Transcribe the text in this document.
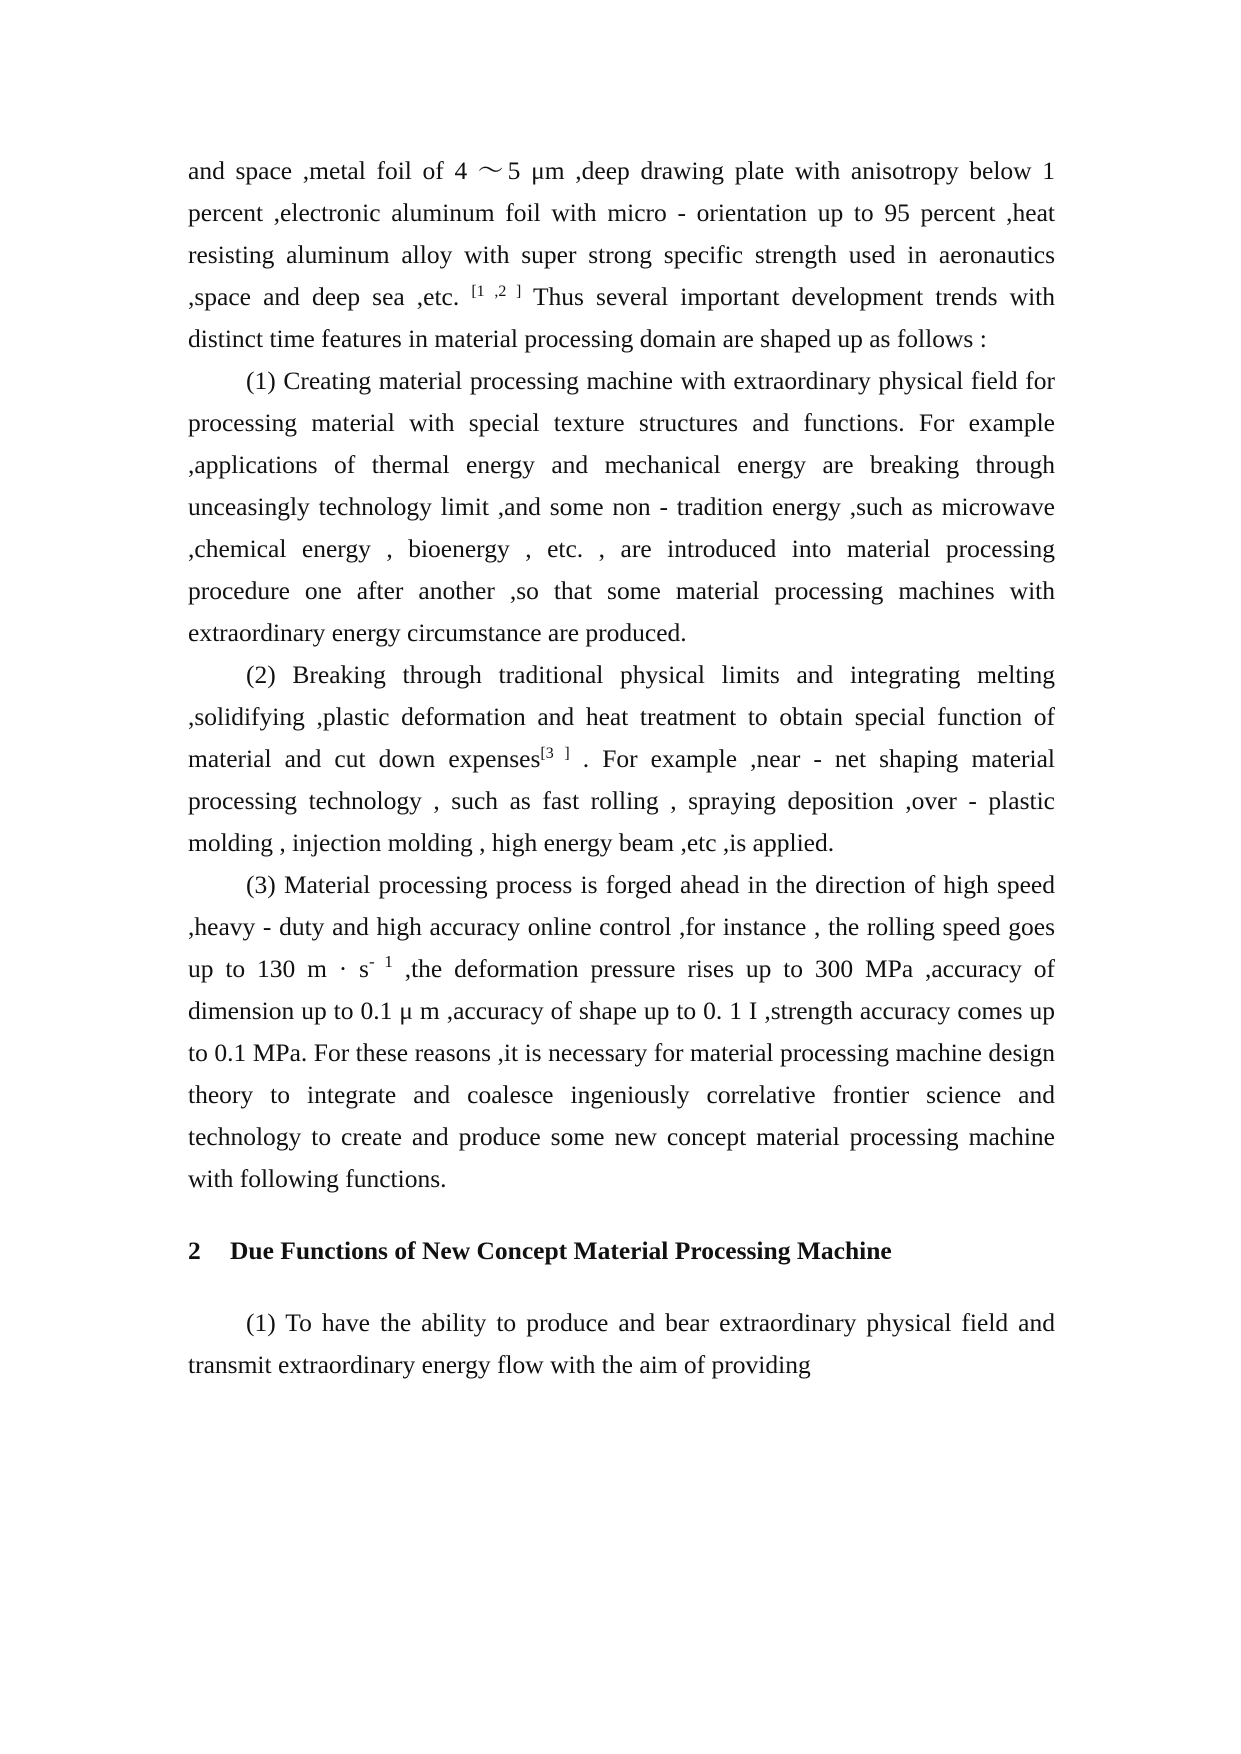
and space ,metal foil of 4 ～5 μm ,deep drawing plate with anisotropy below 1 percent ,electronic aluminum foil with micro - orientation up to 95 percent ,heat resisting aluminum alloy with super strong specific strength used in aeronautics ,space and deep sea ,etc. [1 ,2 ] Thus several important development trends with distinct time features in material processing domain are shaped up as follows :

(1) Creating material processing machine with extraordinary physical field for processing material with special texture structures and functions. For example ,applications of thermal energy and mechanical energy are breaking through unceasingly technology limit ,and some non - tradition energy ,such as microwave ,chemical energy , bioenergy , etc. , are introduced into material processing procedure one after another ,so that some material processing machines with extraordinary energy circumstance are produced.

(2) Breaking through traditional physical limits and integrating melting ,solidifying ,plastic deformation and heat treatment to obtain special function of material and cut down expenses[3 ] . For example ,near - net shaping material processing technology , such as fast rolling , spraying deposition ,over - plastic molding , injection molding , high energy beam ,etc ,is applied.

(3) Material processing process is forged ahead in the direction of high speed ,heavy - duty and high accuracy online control ,for instance , the rolling speed goes up to 130 $m \cdot s^{- 1}$ ,the deformation pressure rises up to 300 MPa ,accuracy of dimension up to 0.1 μ m ,accuracy of shape up to 0. 1 I ,strength accuracy comes up to 0.1 MPa. For these reasons ,it is necessary for material processing machine design theory to integrate and coalesce ingeniously correlative frontier science and technology to create and produce some new concept material processing machine with following functions.

2 Due Functions of New Concept Material Processing Machine

(1) To have the ability to produce and bear extraordinary physical field and transmit extraordinary energy flow with the aim of providing
